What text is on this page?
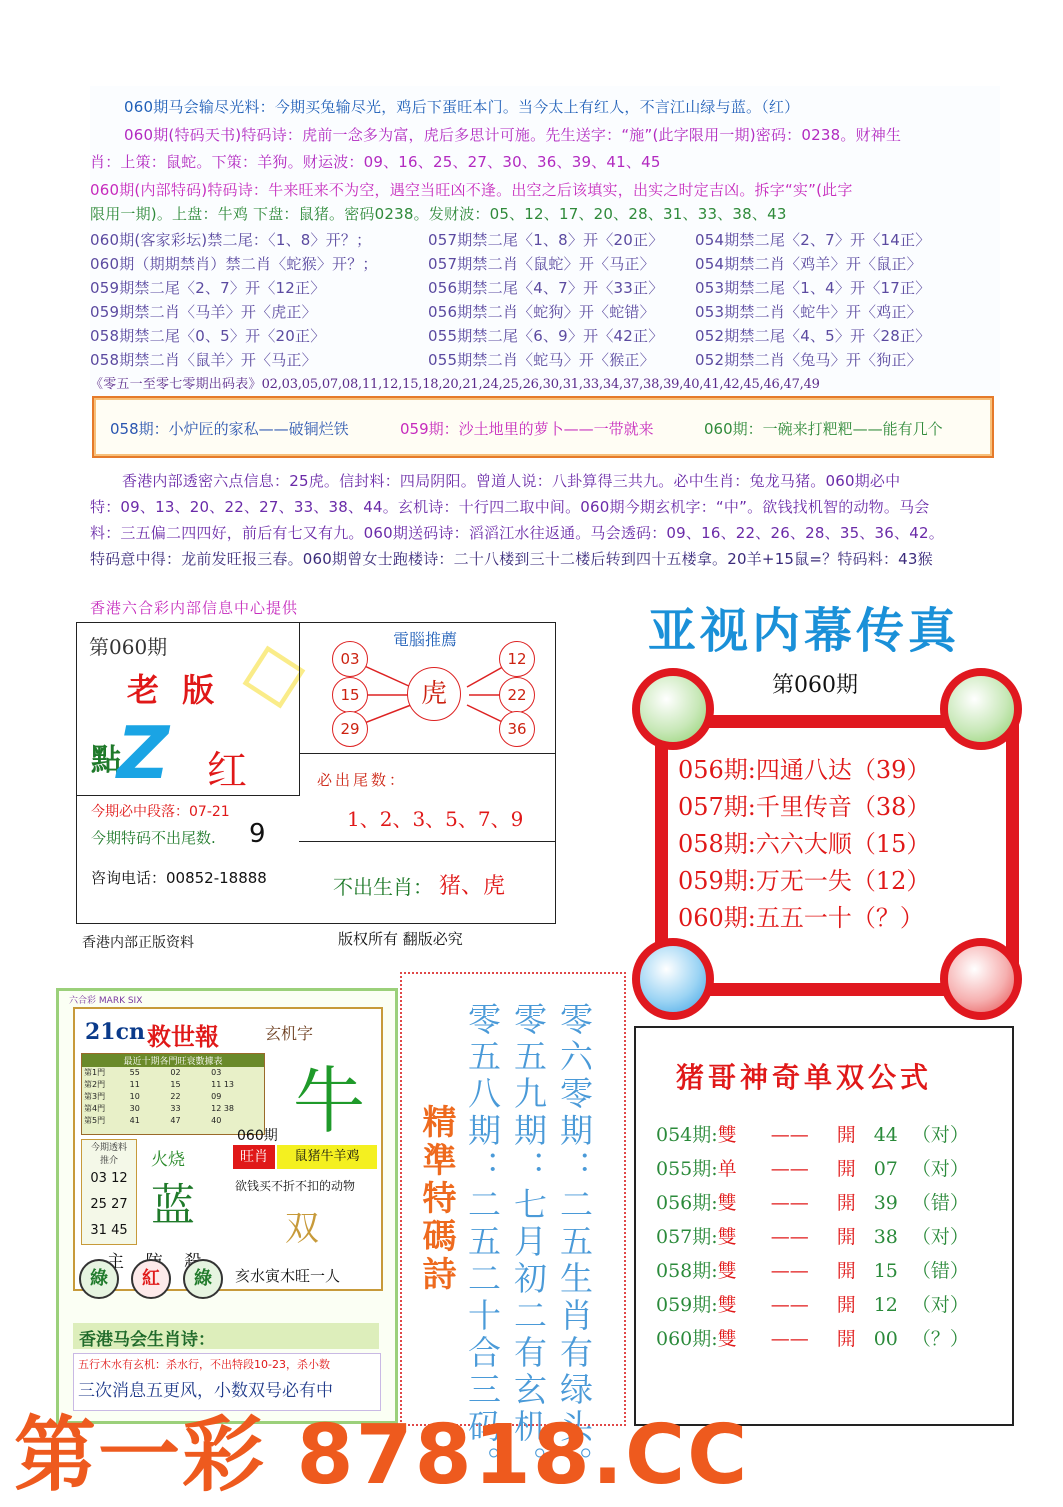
060期马会输尽光料：今期买兔输尽光，鸡后下蛋旺本门。当今太上有红人，不言江山绿与蓝。（红）
060期(特码天书)特码诗：虎前一念多为富，虎后多思计可施。先生送字：“施”(此字限用一期)密码：0238。财神生
肖：上策：鼠蛇。下策：羊狗。财运波：09、16、25、27、30、36、39、41、45
060期(内部特码)特码诗：牛来旺来不为空，遇空当旺凶不逢。出空之后该填实，出实之时定吉凶。拆字“实”(此字
限用一期)。上盘：牛鸡 下盘：鼠猪。密码0238。发财波：05、12、17、20、28、31、33、38、43
060期(客家彩坛)禁二尾：〈1、8〉开？；	057期禁二尾〈1、8〉开〈20正〉 054期禁二尾〈2、7〉开〈14正〉
060期（期期禁肖）禁二肖〈蛇猴〉开？；	057期禁二肖〈鼠蛇〉开〈马正〉	054期禁二肖〈鸡羊〉开〈鼠正〉
059期禁二尾〈2、7〉开〈12正〉	056期禁二尾〈4、7〉开〈33正〉 053期禁二尾〈1、4〉开〈17正〉
059期禁二肖〈马羊〉开〈虎正〉	056期禁二肖〈蛇狗〉开〈蛇错〉	053期禁二肖〈蛇牛〉开〈鸡正〉
058期禁二尾〈0、5〉开〈20正〉	055期禁二尾〈6、9〉开〈42正〉 052期禁二尾〈4、5〉开〈28正〉
058期禁二肖〈鼠羊〉开〈马正〉	055期禁二肖〈蛇马〉开〈猴正〉	052期禁二肖〈兔马〉开〈狗正〉
《零五一至零七零期出码表》02,03,05,07,08,11,12,15,18,20,21,24,25,26,30,31,33,34,37,38,39,40,41,42,45,46,47,49
058期：小炉匠的家私——破铜烂铁	059期：沙土地里的萝卜——一带就来	060期：一碗来打粑粑——能有几个
香港内部透密六点信息：25虎。信封料：四局阴阳。曾道人说：八卦算得三共九。必中生肖：兔龙马猪。060期必中
特：09、13、20、22、27、33、38、44。玄机诗：十行四二取中间。060期今期玄机字：“中”。欲钱找机智的动物。马会
料：三五偏二四四好，前后有七又有九。060期送码诗：滔滔江水往返通。马会透码：09、16、22、26、28、35、36、42。
特码意中得：龙前发旺报三春。060期曾女士跑楼诗：二十八楼到三十二楼后转到四十五楼拿。20羊+15鼠=？特码料：43猴
◇
香港六合彩内部信息中心提供
第060期
老 版
點
Z 红
今期必中段落：07-21
今期特码不出尾数. 9
咨询电话：00852-18888
電腦推薦
03
15
29
12
22
36
虎
必出尾数：
1、2、3、5、7、9
不出生肖： 猪、虎
香港内部正版资料	版权所有 翻版必究
亚视内幕传真
第060期
056期:四通八达（39）
057期:千里传音（38）
058期:六六大顺（15）
059期:万无一失（12）
060期:五五一十（？）
六合彩 MARK SIX
21cn 救世報	玄机字
牛
最近十期各門旺衰數據表
第1門	55	02	03
第2門	11	15	11 13
第3門	10	22	09
第4門	30	33	12 38
第5門	41	47	40
今期透料
推介
03 12
25 27
31 45
火烧
蓝
060期
旺肖	鼠猪牛羊鸡
欲钱买不折不扣的动物
双
主
亥水寅木旺一人
綠	紅	綠
香港马会生肖诗：
五行木水有玄机：杀水行，不出特段10-23，杀小数
三次消息五更风，小数双号必有中
精準特碼詩
零六零期：二五生肖有绿头。
零五九期：七月初二有玄机。
零五八期：二五二十合三码。
猪哥神奇单双公式
054期:雙 —— 開 44 （对）
055期:单 —— 開 07 （对）
056期:雙 —— 開 39 （错）
057期:雙 —— 開 38 （对）
058期:雙 —— 開 15 （错）
059期:雙 —— 開 12 （对）
060期:雙 —— 開 00 （？）
第一彩 87818.CC
